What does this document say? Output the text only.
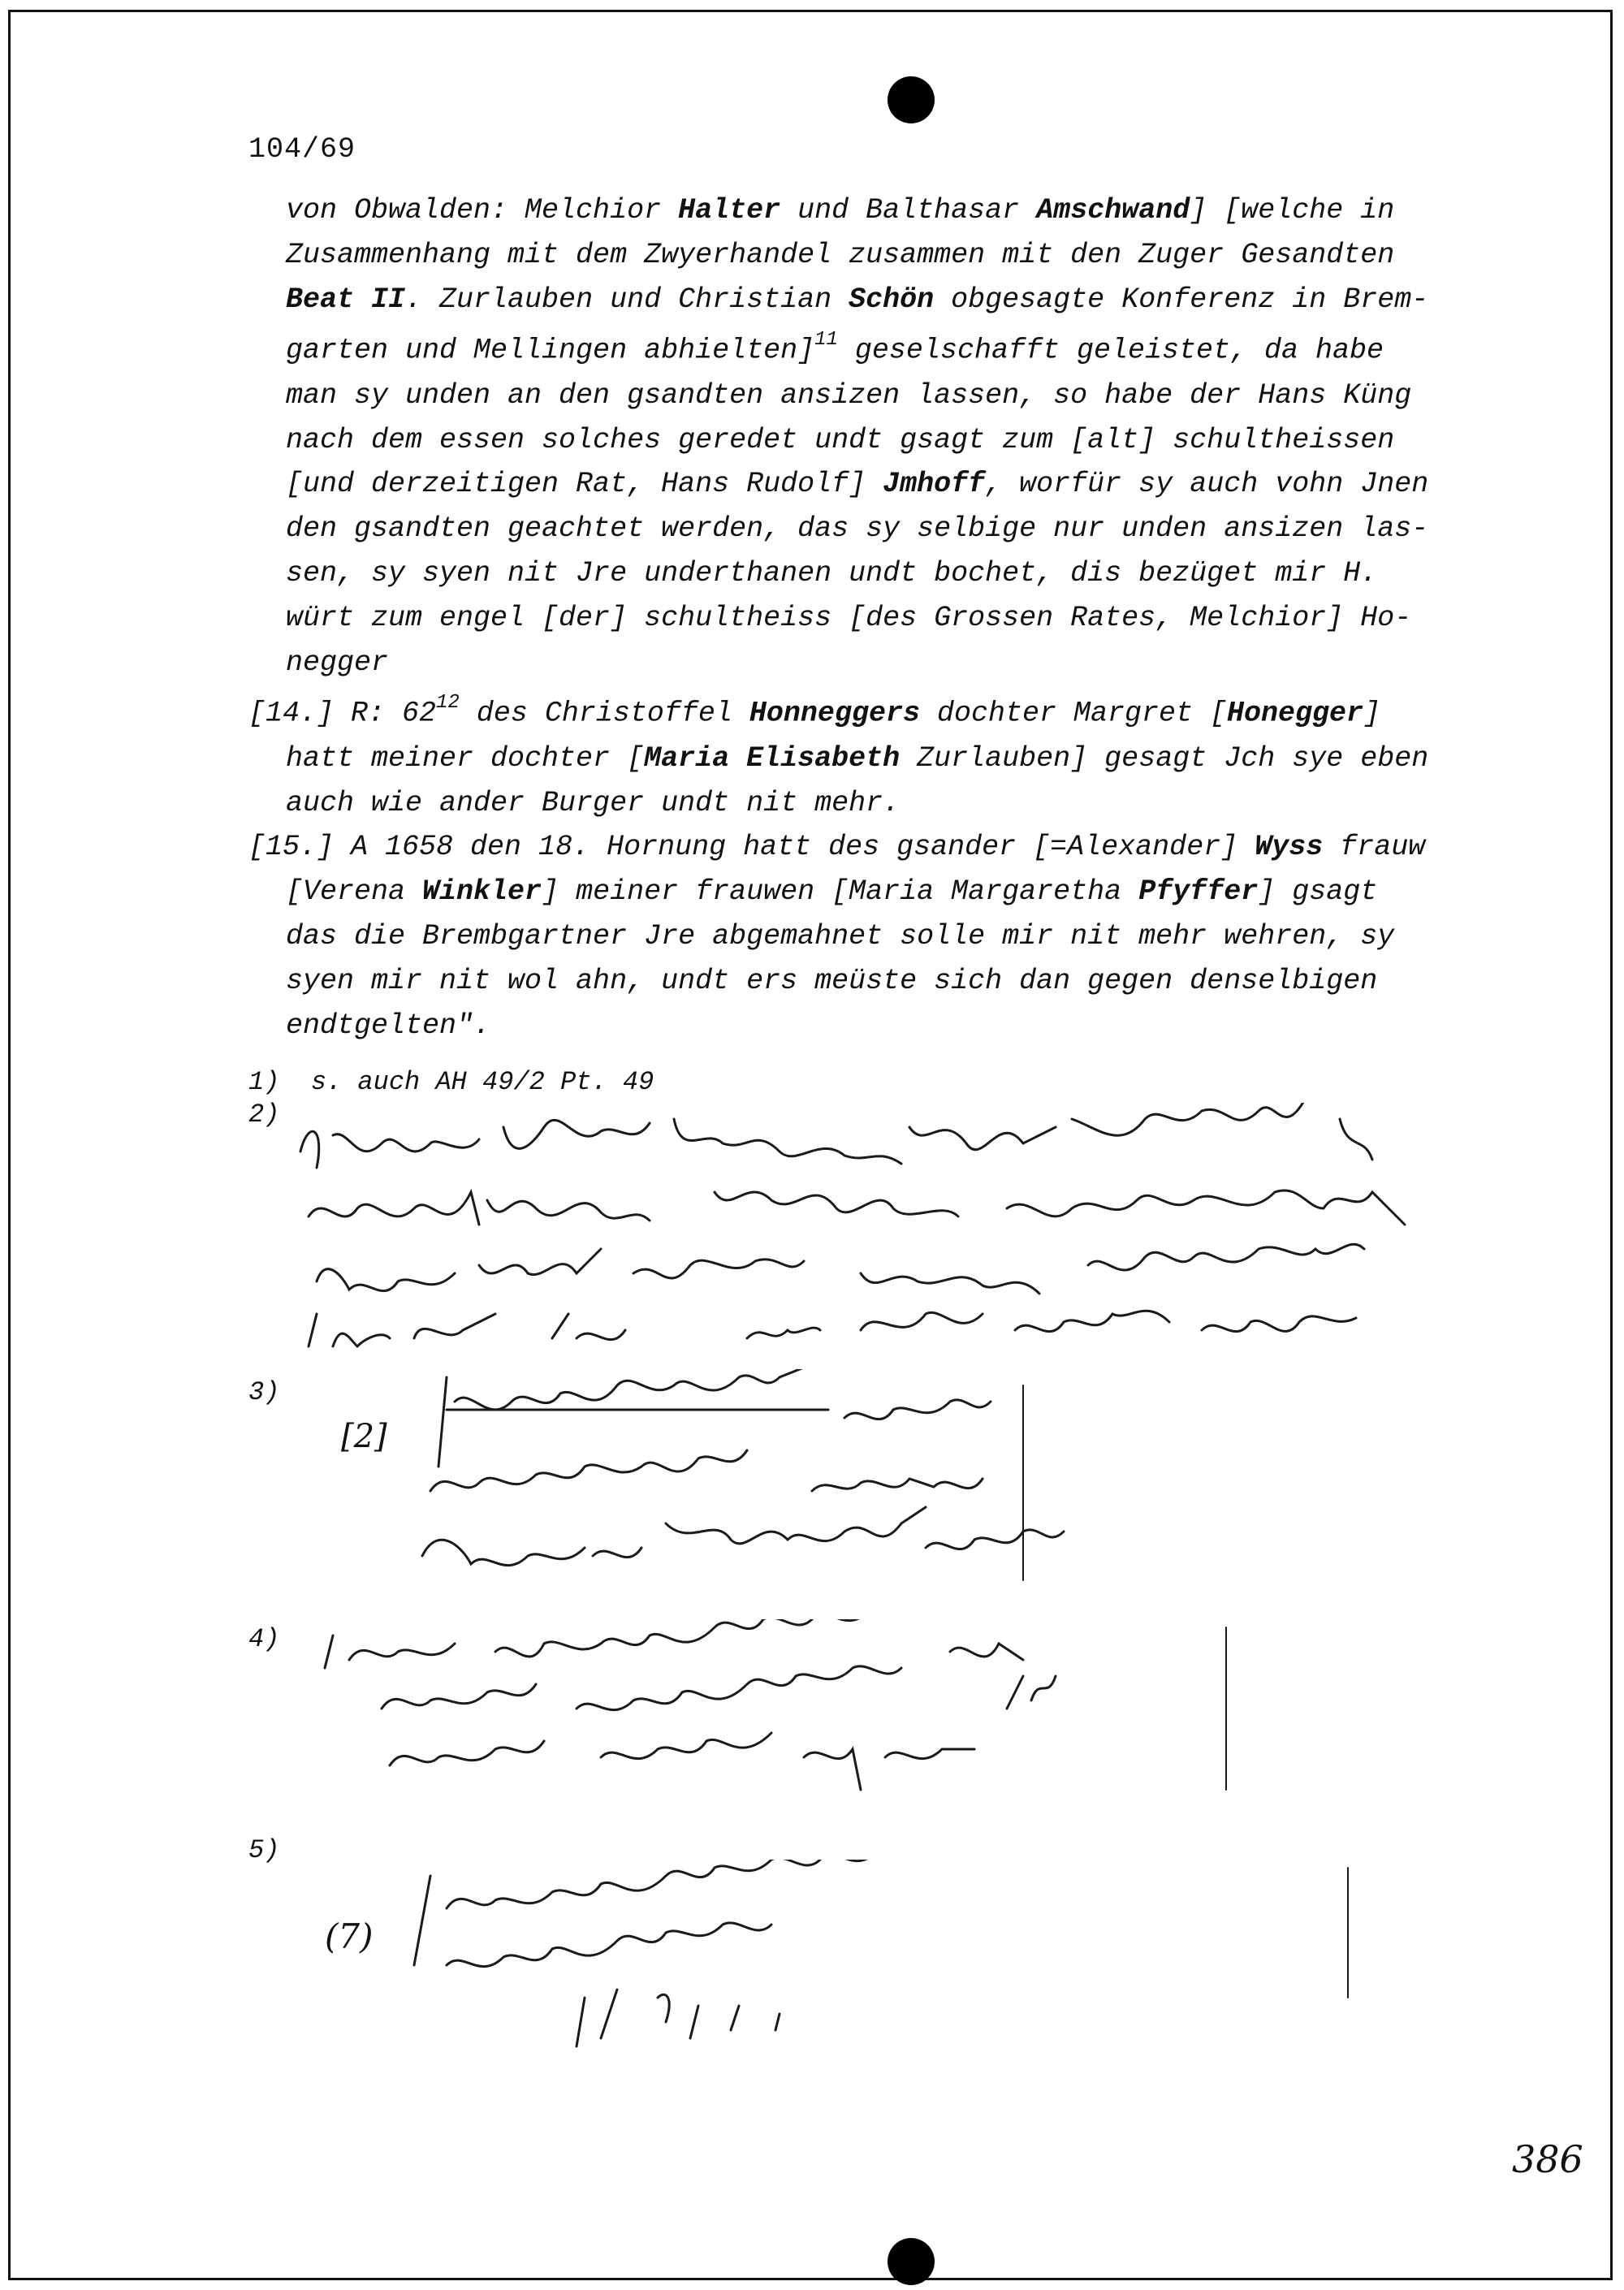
104/69
von Obwalden: Melchior Halter und Balthasar Amschwand] [welche in
Zusammenhang mit dem Zwyerhandel zusammen mit den Zuger Gesandten
Beat II. Zurlauben und Christian Schön obgesagte Konferenz in Brem-
garten und Mellingen abhielten]$^{11}$ geselschafft geleistet, da habe
man sy unden an den gsandten ansizen lassen, so habe der Hans Küng
nach dem essen solches geredet undt gsagt zum [alt] schultheissen
[und derzeitigen Rat, Hans Rudolf] Jmhoff, worfür sy auch vohn Jnen
den gsandten geachtet werden, das sy selbige nur unden ansizen las-
sen, sy syen nit Jre underthanen undt bochet, dis bezüget mir H.
würt zum engel [der] schultheiss [des Grossen Rates, Melchior] Ho-
negger
[14.] R: $62^{12}$ des Christoffel Honneggers dochter Margret [Honegger]
hatt meiner dochter [Maria Elisabeth Zurlauben] gesagt Jch sye eben
auch wie ander Burger undt nit mehr.
[15.] A 1658 den 18. Hornung hatt des gsander [=Alexander] Wyss frauw
[Verena Winkler] meiner frauwen [Maria Margaretha Pfyffer] gsagt
das die Brembgartner Jre abgemahnet solle mir nit mehr wehren, sy
syen mir nit wol ahn, undt ers meüste sich dan gegen denselbigen
endtgelten".
1)  s. auch AH 49/2 Pt. 49
2)
3)
4)
5)
[2]
(7)
386
